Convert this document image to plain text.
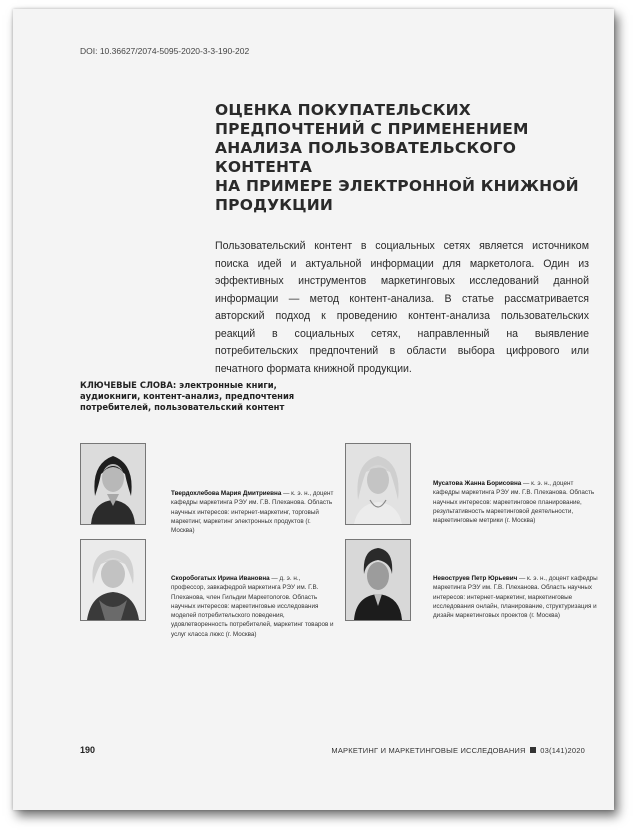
DOI: 10.36627/2074-5095-2020-3-3-190-202
ОЦЕНКА ПОКУПАТЕЛЬСКИХ
ПРЕДПОЧТЕНИЙ С ПРИМЕНЕНИЕМ
АНАЛИЗА ПОЛЬЗОВАТЕЛЬСКОГО КОНТЕНТА
НА ПРИМЕРЕ ЭЛЕКТРОННОЙ КНИЖНОЙ
ПРОДУКЦИИ
Пользовательский контент в социальных сетях является источником поиска идей и актуальной информации для маркетолога. Один из эффективных инструментов маркетинговых исследований данной информации — метод контент-анализа. В статье рассматривается авторский подход к проведению контент-анализа пользовательских реакций в социальных сетях, направленный на выявление потребительских предпочтений в области выбора цифрового или печатного формата книжной продукции.
КЛЮЧЕВЫЕ СЛОВА: электронные книги, аудиокниги, контент-анализ, предпочтения потребителей, пользовательский контент
Твердохлебова Мария Дмитриевна — к. э. н., доцент кафедры маркетинга РЭУ им. Г.В. Плеханова. Область научных интересов: интернет-маркетинг, торговый маркетинг, маркетинг электронных продуктов (г. Москва)
Мусатова Жанна Борисовна — к. э. н., доцент кафедры маркетинга РЭУ им. Г.В. Плеханова. Область научных интересов: маркетинговое планирование, результативность маркетинговой деятельности, маркетинговые метрики (г. Москва)
Скоробогатых Ирина Ивановна — д. э. н., профессор, завкафедрой маркетинга РЭУ им. Г.В. Плеханова, член Гильдии Маркетологов. Область научных интересов: маркетинговые исследования моделей потребительского поведения, удовлетворенность потребителей, маркетинг товаров и услуг класса люкс (г. Москва)
Невоструев Петр Юрьевич — к. э. н., доцент кафедры маркетинга РЭУ им. Г.В. Плеханова. Область научных интересов: интернет-маркетинг, маркетинговые исследования онлайн, планирование, структуризация и дизайн маркетинговых проектов (г. Москва)
190	МАРКЕТИНГ И МАРКЕТИНГОВЫЕ ИССЛЕДОВАНИЯ 03(141)2020
